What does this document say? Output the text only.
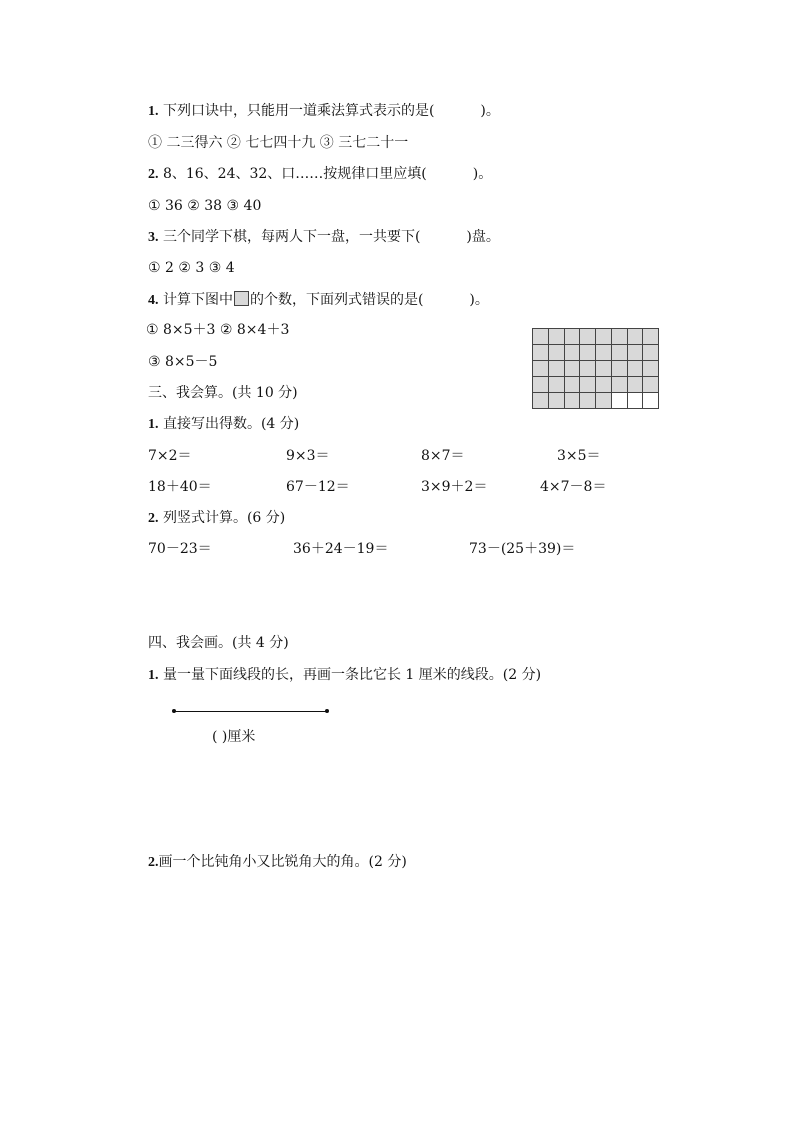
1. 下列口诀中，只能用一道乘法算式表示的是(	)。
① 二三得六 ② 七七四十九 ③ 三七二十一
2. 8、16、24、32、口……按规律口里应填(	)。
① 36 ② 38 ③ 40
3. 三个同学下棋，每两人下一盘，一共要下(	)盘。
① 2 ② 3 ③ 4
4. 计算下图中 的个数，下面列式错误的是(	)。
① 8×5＋3 ② 8×4＋3
③ 8×5－5
三、我会算。(共 10 分)
1. 直接写出得数。(4 分)
7×2＝	9×3＝	8×7＝	3×5＝
18＋40＝	67－12＝	3×9＋2＝	4×7－8＝
2. 列竖式计算。(6 分)
70－23＝	36＋24－19＝	73－(25＋39)＝
四、我会画。(共 4 分)
1. 量一量下面线段的长，再画一条比它长 1 厘米的线段。(2 分)
( )厘米
2.画一个比钝角小又比锐角大的角。(2 分)
